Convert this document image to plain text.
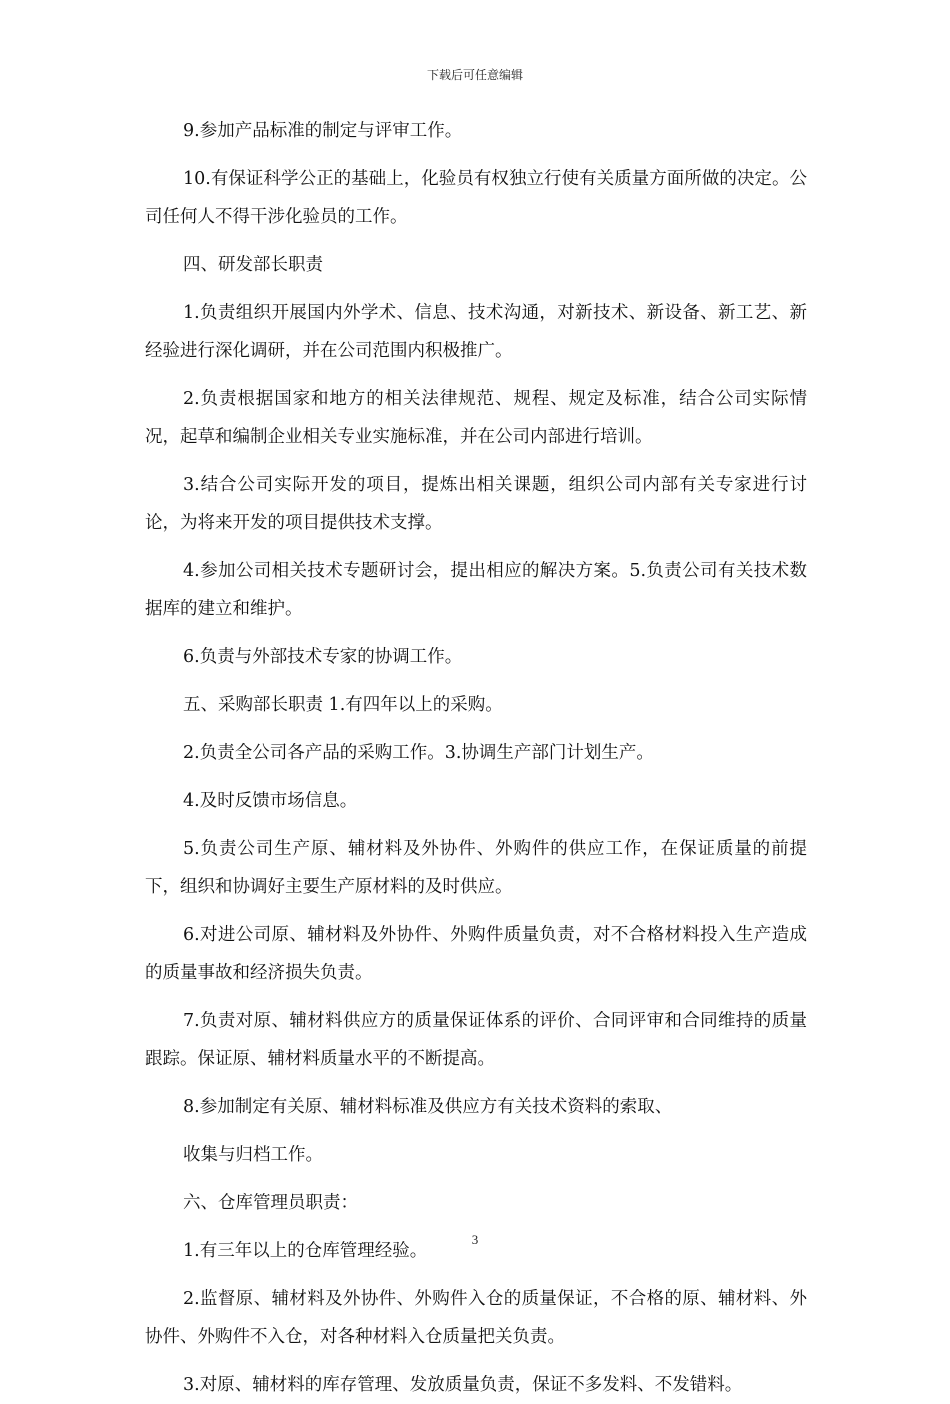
下载后可任意编辑

9.参加产品标准的制定与评审工作。

10.有保证科学公正的基础上，化验员有权独立行使有关质量方面所做的决定。公司任何人不得干涉化验员的工作。

四、研发部长职责

1.负责组织开展国内外学术、信息、技术沟通，对新技术、新设备、新工艺、新经验进行深化调研，并在公司范围内积极推广。

2.负责根据国家和地方的相关法律规范、规程、规定及标准，结合公司实际情况，起草和编制企业相关专业实施标准，并在公司内部进行培训。

3.结合公司实际开发的项目，提炼出相关课题，组织公司内部有关专家进行讨论，为将来开发的项目提供技术支撑。

4.参加公司相关技术专题研讨会，提出相应的解决方案。5.负责公司有关技术数据库的建立和维护。

6.负责与外部技术专家的协调工作。

五、采购部长职责 1.有四年以上的采购。

2.负责全公司各产品的采购工作。3.协调生产部门计划生产。

4.及时反馈市场信息。

5.负责公司生产原、辅材料及外协件、外购件的供应工作，在保证质量的前提下，组织和协调好主要生产原材料的及时供应。

6.对进公司原、辅材料及外协件、外购件质量负责，对不合格材料投入生产造成的质量事故和经济损失负责。

7.负责对原、辅材料供应方的质量保证体系的评价、合同评审和合同维持的质量跟踪。保证原、辅材料质量水平的不断提高。

8.参加制定有关原、辅材料标准及供应方有关技术资料的索取、

收集与归档工作。

六、仓库管理员职责：

1.有三年以上的仓库管理经验。

2.监督原、辅材料及外协件、外购件入仓的质量保证，不合格的原、辅材料、外协件、外购件不入仓，对各种材料入仓质量把关负责。

3.对原、辅材料的库存管理、发放质量负责，保证不多发料、不发错料。

3
